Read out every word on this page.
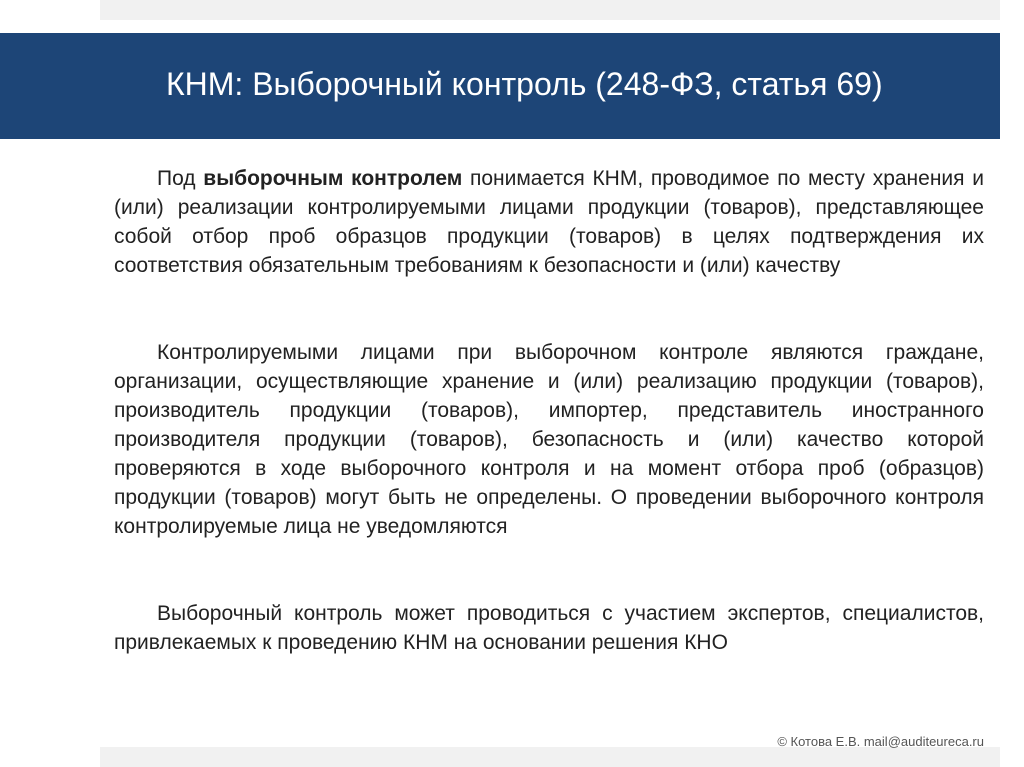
КНМ: Выборочный контроль (248-ФЗ, статья 69)

Под выборочным контролем понимается КНМ, проводимое по месту хранения и (или) реализации контролируемыми лицами продукции (товаров), представляющее собой отбор проб образцов продукции (товаров) в целях подтверждения их соответствия обязательным требованиям к безопасности и (или) качеству

Контролируемыми лицами при выборочном контроле являются граждане, организации, осуществляющие хранение и (или) реализацию продукции (товаров), производитель продукции (товаров), импортер, представитель иностранного производителя продукции (товаров), безопасность и (или) качество которой проверяются в ходе выборочного контроля и на момент отбора проб (образцов) продукции (товаров) могут быть не определены. О проведении выборочного контроля контролируемые лица не уведомляются

Выборочный контроль может проводиться с участием экспертов, специалистов, привлекаемых к проведению КНМ на основании решения КНО

© Котова Е.В. mail@auditeureca.ru
